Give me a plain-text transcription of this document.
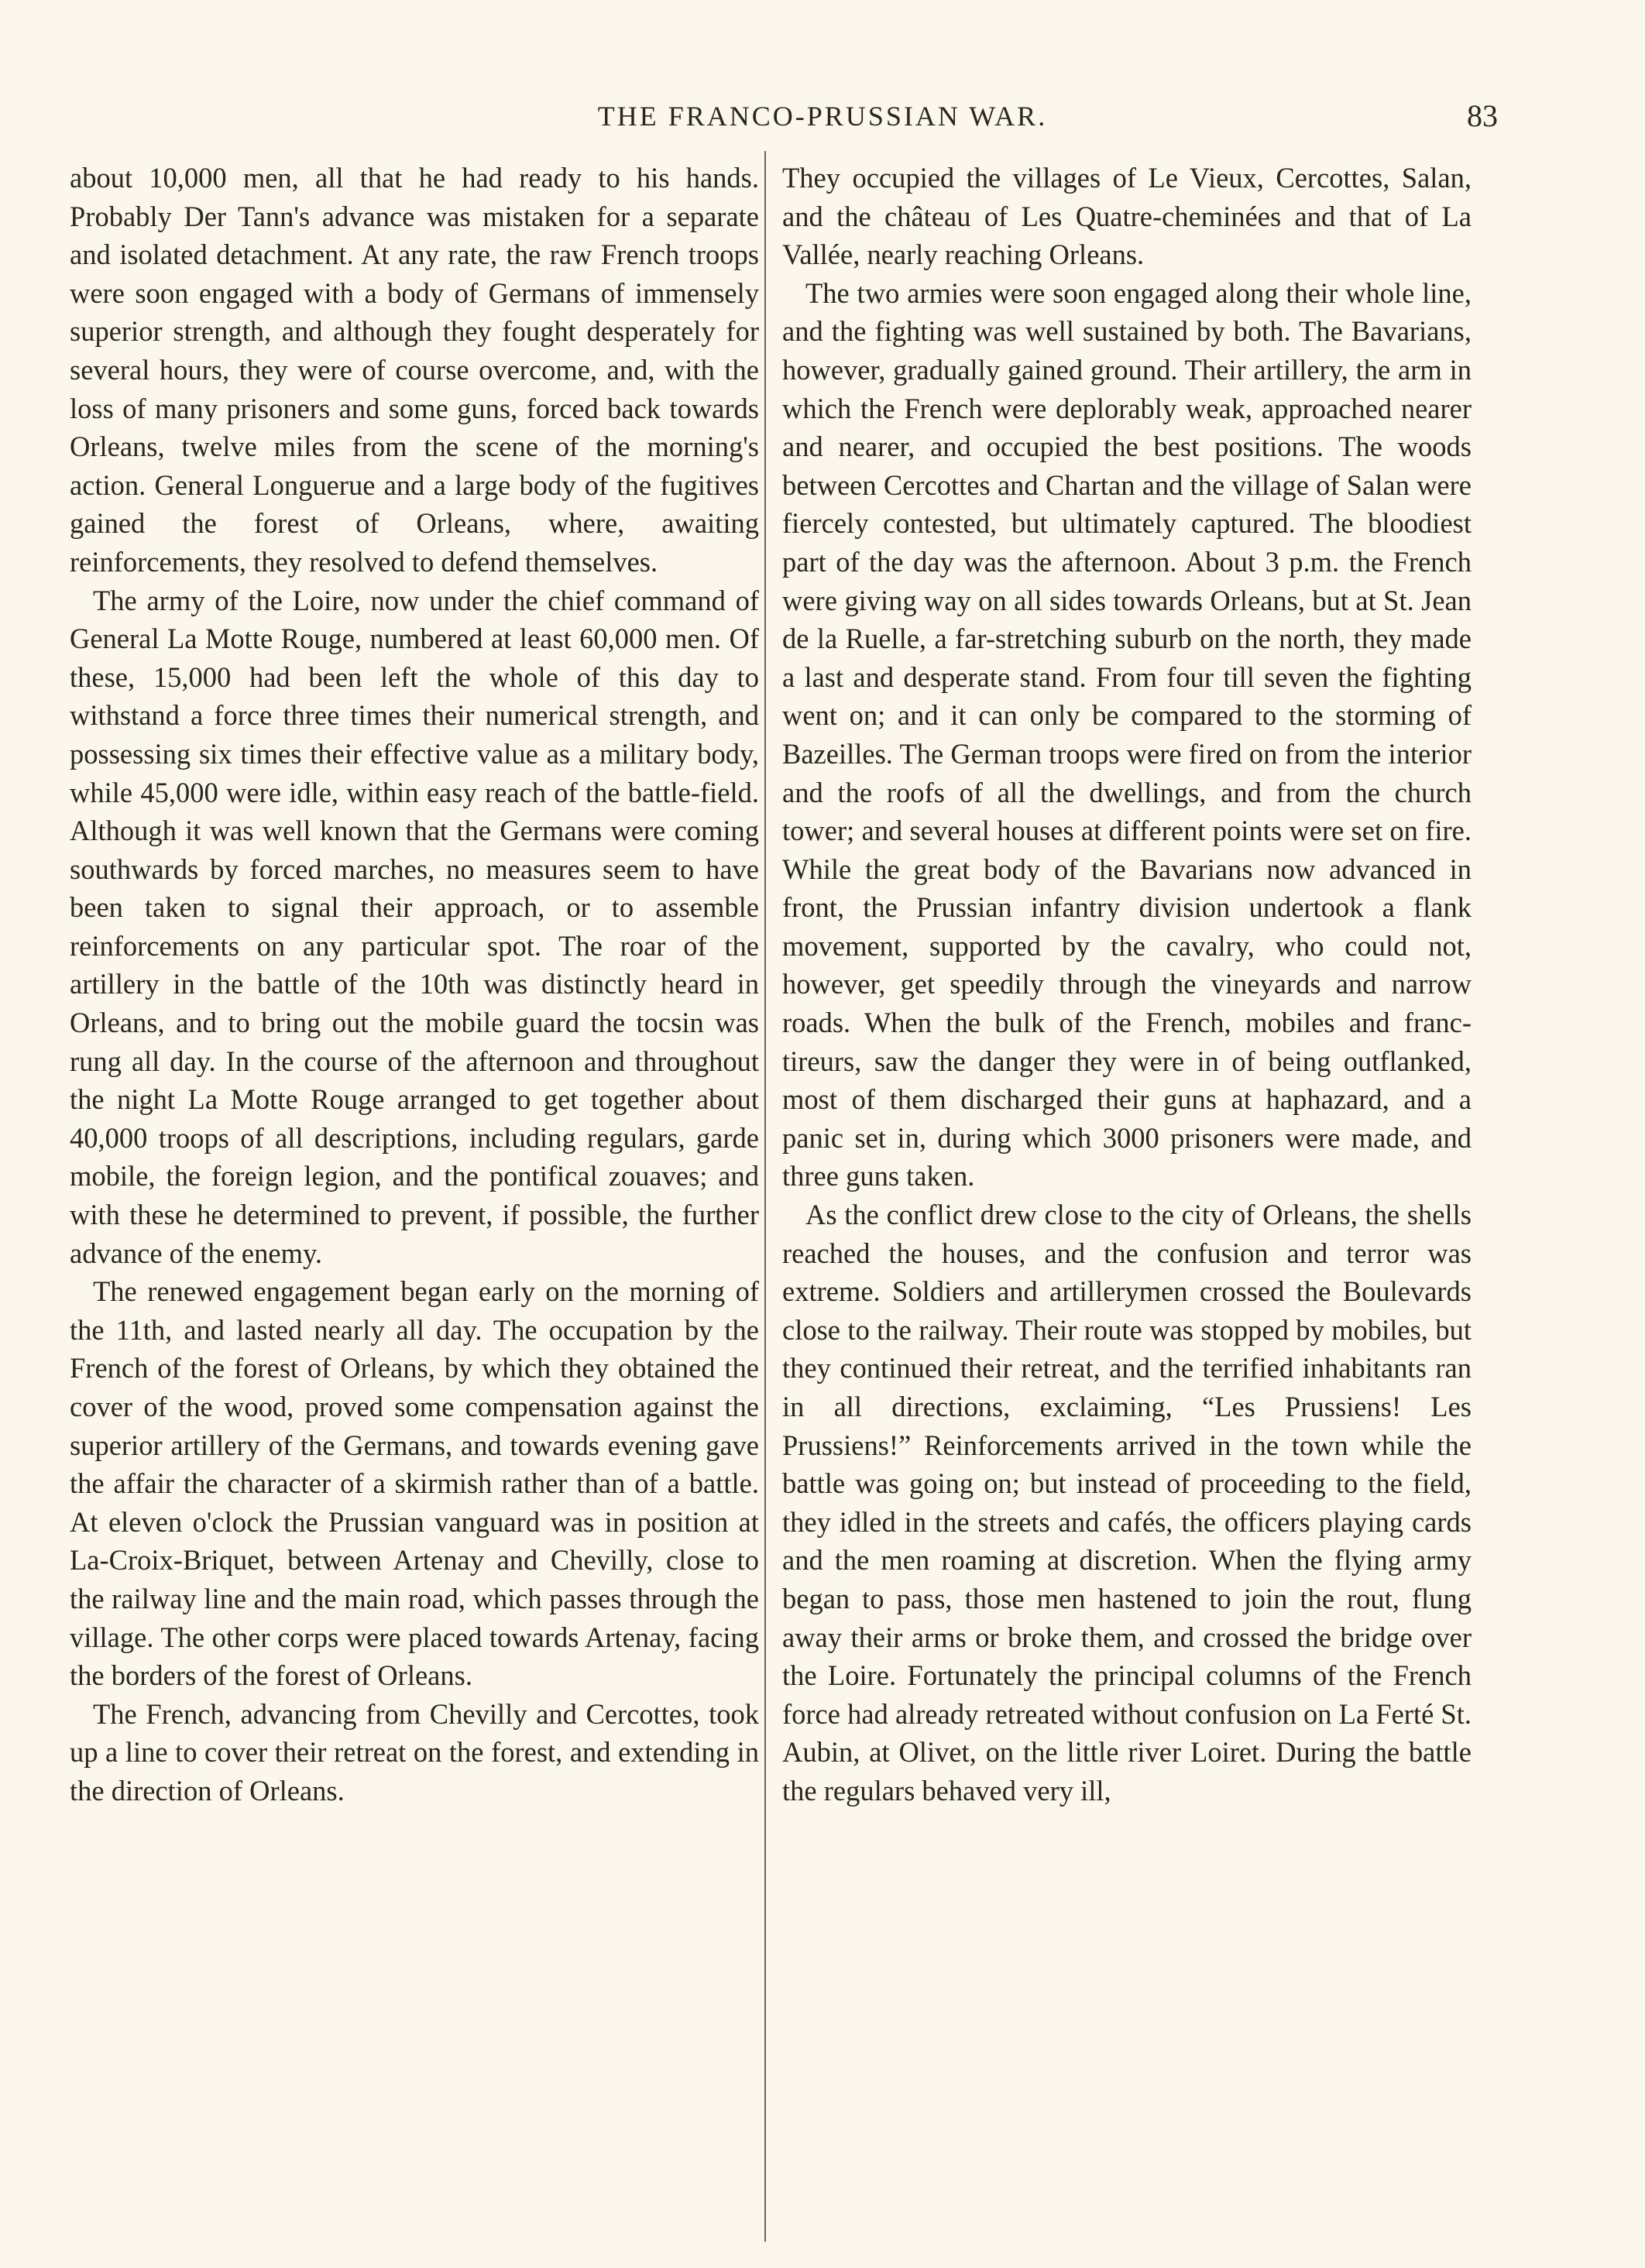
THE FRANCO-PRUSSIAN WAR.	83

about 10,000 men, all that he had ready to his hands. Probably Der Tann's advance was mistaken for a separate and isolated detachment. At any rate, the raw French troops were soon engaged with a body of Germans of immensely superior strength, and although they fought desperately for several hours, they were of course overcome, and, with the loss of many prisoners and some guns, forced back towards Orleans, twelve miles from the scene of the morning's action. General Longuerue and a large body of the fugitives gained the forest of Orleans, where, awaiting reinforcements, they resolved to defend themselves.

The army of the Loire, now under the chief command of General La Motte Rouge, numbered at least 60,000 men. Of these, 15,000 had been left the whole of this day to withstand a force three times their numerical strength, and possessing six times their effective value as a military body, while 45,000 were idle, within easy reach of the battle-field. Although it was well known that the Germans were coming southwards by forced marches, no measures seem to have been taken to signal their approach, or to assemble reinforcements on any particular spot. The roar of the artillery in the battle of the 10th was distinctly heard in Orleans, and to bring out the mobile guard the tocsin was rung all day. In the course of the afternoon and throughout the night La Motte Rouge arranged to get together about 40,000 troops of all descriptions, including regulars, garde mobile, the foreign legion, and the pontifical zouaves; and with these he determined to prevent, if possible, the further advance of the enemy.

The renewed engagement began early on the morning of the 11th, and lasted nearly all day. The occupation by the French of the forest of Orleans, by which they obtained the cover of the wood, proved some compensation against the superior artillery of the Germans, and towards evening gave the affair the character of a skirmish rather than of a battle. At eleven o'clock the Prussian vanguard was in position at La-Croix-Briquet, between Artenay and Chevilly, close to the railway line and the main road, which passes through the village. The other corps were placed towards Artenay, facing the borders of the forest of Orleans.

The French, advancing from Chevilly and Cercottes, took up a line to cover their retreat on the forest, and extending in the direction of Orleans.

They occupied the villages of Le Vieux, Cercottes, Salan, and the château of Les Quatre-cheminées and that of La Vallée, nearly reaching Orleans.

The two armies were soon engaged along their whole line, and the fighting was well sustained by both. The Bavarians, however, gradually gained ground. Their artillery, the arm in which the French were deplorably weak, approached nearer and nearer, and occupied the best positions. The woods between Cercottes and Chartan and the village of Salan were fiercely contested, but ultimately captured. The bloodiest part of the day was the afternoon. About 3 p.m. the French were giving way on all sides towards Orleans, but at St. Jean de la Ruelle, a far-stretching suburb on the north, they made a last and desperate stand. From four till seven the fighting went on; and it can only be compared to the storming of Bazeilles. The German troops were fired on from the interior and the roofs of all the dwellings, and from the church tower; and several houses at different points were set on fire. While the great body of the Bavarians now advanced in front, the Prussian infantry division undertook a flank movement, supported by the cavalry, who could not, however, get speedily through the vineyards and narrow roads. When the bulk of the French, mobiles and franc-tireurs, saw the danger they were in of being outflanked, most of them discharged their guns at haphazard, and a panic set in, during which 3000 prisoners were made, and three guns taken.

As the conflict drew close to the city of Orleans, the shells reached the houses, and the confusion and terror was extreme. Soldiers and artillerymen crossed the Boulevards close to the railway. Their route was stopped by mobiles, but they continued their retreat, and the terrified inhabitants ran in all directions, exclaiming, “Les Prussiens! Les Prussiens!” Reinforcements arrived in the town while the battle was going on; but instead of proceeding to the field, they idled in the streets and cafés, the officers playing cards and the men roaming at discretion. When the flying army began to pass, those men hastened to join the rout, flung away their arms or broke them, and crossed the bridge over the Loire. Fortunately the principal columns of the French force had already retreated without confusion on La Ferté St. Aubin, at Olivet, on the little river Loiret. During the battle the regulars behaved very ill,
